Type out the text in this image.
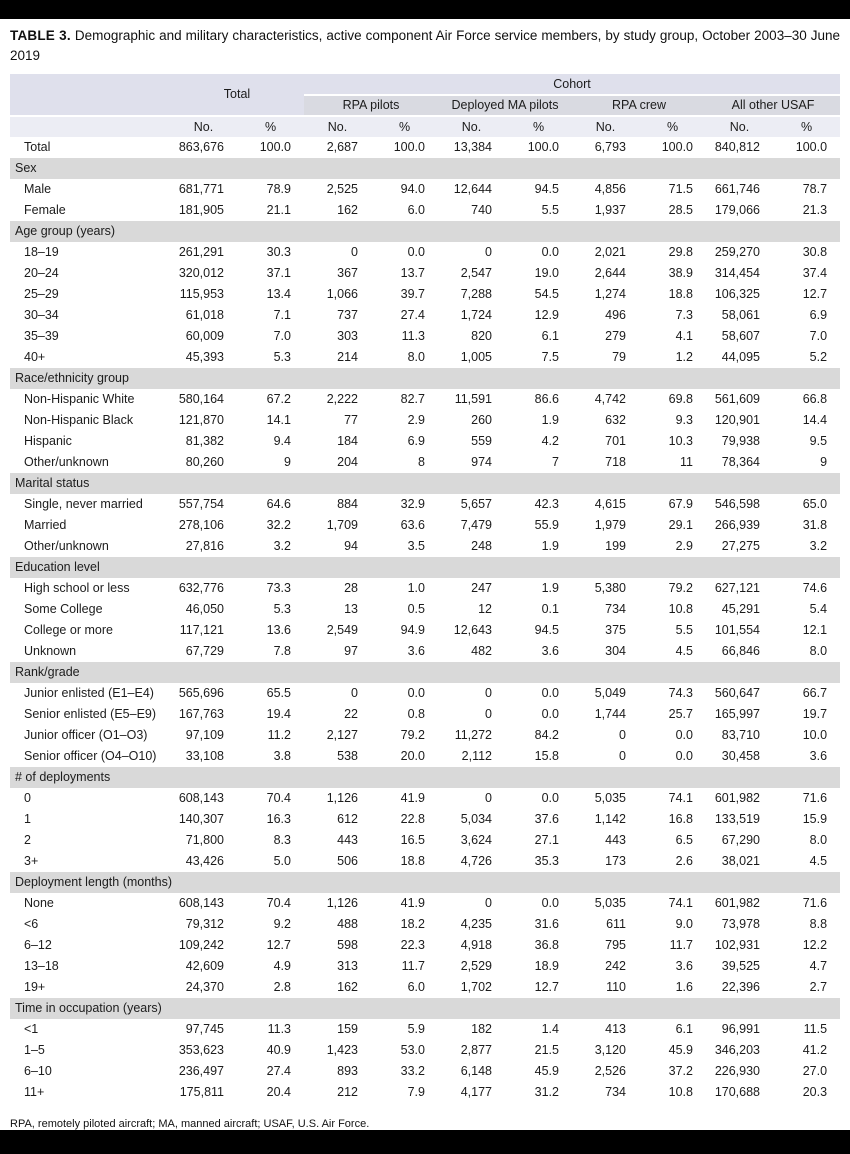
TABLE 3. Demographic and military characteristics, active component Air Force service members, by study group, October 2003–30 June 2019
	Total		Cohort							
			RPA pilots		Deployed MA pilots		RPA crew		All other USAF	
	No.	%	No.	%	No.	%	No.	%	No.	%
Total	863,676	100.0	2,687	100.0	13,384	100.0	6,793	100.0	840,812	100.0
Sex										
Male	681,771	78.9	2,525	94.0	12,644	94.5	4,856	71.5	661,746	78.7
Female	181,905	21.1	162	6.0	740	5.5	1,937	28.5	179,066	21.3
Age group (years)										
18–19	261,291	30.3	0	0.0	0	0.0	2,021	29.8	259,270	30.8
20–24	320,012	37.1	367	13.7	2,547	19.0	2,644	38.9	314,454	37.4
25–29	115,953	13.4	1,066	39.7	7,288	54.5	1,274	18.8	106,325	12.7
30–34	61,018	7.1	737	27.4	1,724	12.9	496	7.3	58,061	6.9
35–39	60,009	7.0	303	11.3	820	6.1	279	4.1	58,607	7.0
40+	45,393	5.3	214	8.0	1,005	7.5	79	1.2	44,095	5.2
Race/ethnicity group										
Non-Hispanic White	580,164	67.2	2,222	82.7	11,591	86.6	4,742	69.8	561,609	66.8
Non-Hispanic Black	121,870	14.1	77	2.9	260	1.9	632	9.3	120,901	14.4
Hispanic	81,382	9.4	184	6.9	559	4.2	701	10.3	79,938	9.5
Other/unknown	80,260	9	204	8	974	7	718	11	78,364	9
Marital status										
Single, never married	557,754	64.6	884	32.9	5,657	42.3	4,615	67.9	546,598	65.0
Married	278,106	32.2	1,709	63.6	7,479	55.9	1,979	29.1	266,939	31.8
Other/unknown	27,816	3.2	94	3.5	248	1.9	199	2.9	27,275	3.2
Education level										
High school or less	632,776	73.3	28	1.0	247	1.9	5,380	79.2	627,121	74.6
Some College	46,050	5.3	13	0.5	12	0.1	734	10.8	45,291	5.4
College or more	117,121	13.6	2,549	94.9	12,643	94.5	375	5.5	101,554	12.1
Unknown	67,729	7.8	97	3.6	482	3.6	304	4.5	66,846	8.0
Rank/grade										
Junior enlisted (E1–E4)	565,696	65.5	0	0.0	0	0.0	5,049	74.3	560,647	66.7
Senior enlisted (E5–E9)	167,763	19.4	22	0.8	0	0.0	1,744	25.7	165,997	19.7
Junior officer (O1–O3)	97,109	11.2	2,127	79.2	11,272	84.2	0	0.0	83,710	10.0
Senior officer (O4–O10)	33,108	3.8	538	20.0	2,112	15.8	0	0.0	30,458	3.6
# of deployments										
0	608,143	70.4	1,126	41.9	0	0.0	5,035	74.1	601,982	71.6
1	140,307	16.3	612	22.8	5,034	37.6	1,142	16.8	133,519	15.9
2	71,800	8.3	443	16.5	3,624	27.1	443	6.5	67,290	8.0
3+	43,426	5.0	506	18.8	4,726	35.3	173	2.6	38,021	4.5
Deployment length (months)										
None	608,143	70.4	1,126	41.9	0	0.0	5,035	74.1	601,982	71.6
<6	79,312	9.2	488	18.2	4,235	31.6	611	9.0	73,978	8.8
6–12	109,242	12.7	598	22.3	4,918	36.8	795	11.7	102,931	12.2
13–18	42,609	4.9	313	11.7	2,529	18.9	242	3.6	39,525	4.7
19+	24,370	2.8	162	6.0	1,702	12.7	110	1.6	22,396	2.7
Time in occupation (years)										
<1	97,745	11.3	159	5.9	182	1.4	413	6.1	96,991	11.5
1–5	353,623	40.9	1,423	53.0	2,877	21.5	3,120	45.9	346,203	41.2
6–10	236,497	27.4	893	33.2	6,148	45.9	2,526	37.2	226,930	27.0
11+	175,811	20.4	212	7.9	4,177	31.2	734	10.8	170,688	20.3
RPA, remotely piloted aircraft; MA, manned aircraft; USAF, U.S. Air Force.
